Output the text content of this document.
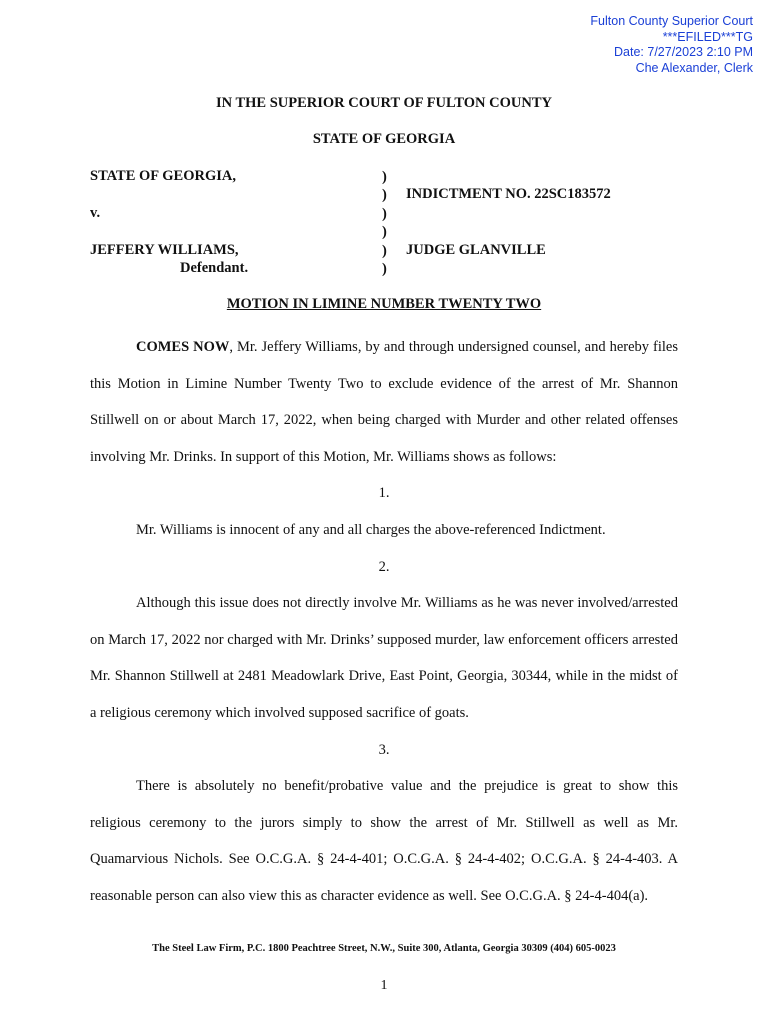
Fulton County Superior Court
***EFILED***TG
Date: 7/27/2023 2:10 PM
Che Alexander, Clerk
IN THE SUPERIOR COURT OF FULTON COUNTY
STATE OF GEORGIA
STATE OF GEORGIA,
v.
JEFFERY WILLIAMS,
Defendant.
)
)
)
)
)
)
INDICTMENT NO. 22SC183572
JUDGE GLANVILLE
MOTION IN LIMINE NUMBER TWENTY TWO

COMES NOW, Mr. Jeffery Williams, by and through undersigned counsel, and hereby files this Motion in Limine Number Twenty Two to exclude evidence of the arrest of Mr. Shannon Stillwell on or about March 17, 2022, when being charged with Murder and other related offenses involving Mr. Drinks. In support of this Motion, Mr. Williams shows as follows:

1.

Mr. Williams is innocent of any and all charges the above-referenced Indictment.

2.

Although this issue does not directly involve Mr. Williams as he was never involved/arrested on March 17, 2022 nor charged with Mr. Drinks’ supposed murder, law enforcement officers arrested Mr. Shannon Stillwell at 2481 Meadowlark Drive, East Point, Georgia, 30344, while in the midst of a religious ceremony which involved supposed sacrifice of goats.

3.

There is absolutely no benefit/probative value and the prejudice is great to show this religious ceremony to the jurors simply to show the arrest of Mr. Stillwell as well as Mr. Quamarvious Nichols. See O.C.G.A. § 24-4-401; O.C.G.A. § 24-4-402; O.C.G.A. § 24-4-403. A reasonable person can also view this as character evidence as well. See O.C.G.A. § 24-4-404(a).

The Steel Law Firm, P.C. 1800 Peachtree Street, N.W., Suite 300, Atlanta, Georgia 30309 (404) 605-0023
1
